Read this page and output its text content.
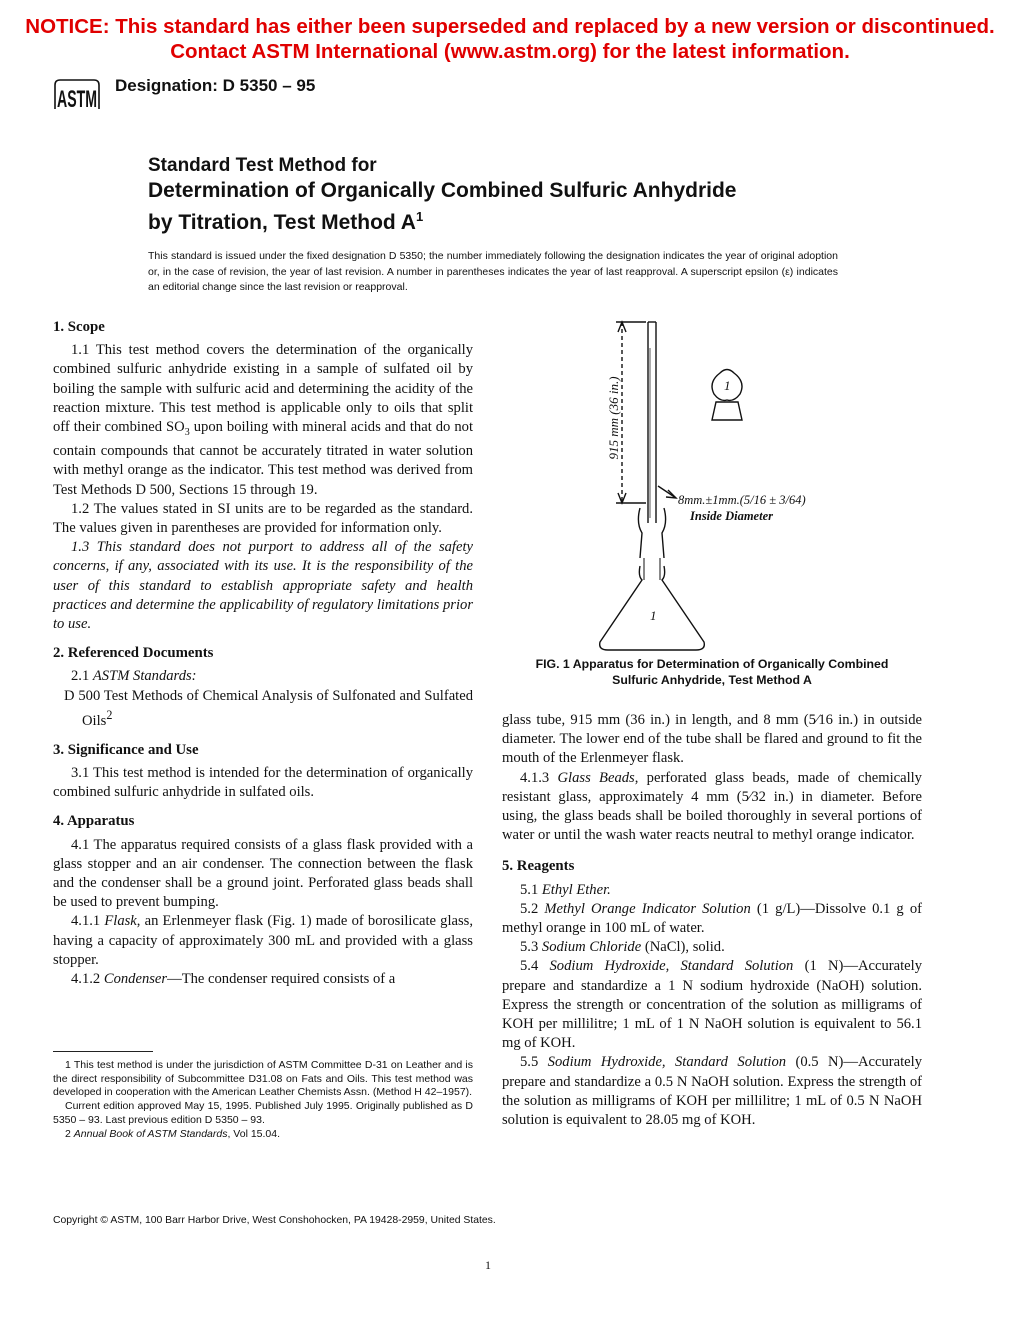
NOTICE: This standard has either been superseded and replaced by a new version or discontinued.
Contact ASTM International (www.astm.org) for the latest information.
ASTM
Designation: D 5350 – 95
Standard Test Method for
Determination of Organically Combined Sulfuric Anhydride
by Titration, Test Method $A^1$
This standard is issued under the fixed designation D 5350; the number immediately following the designation indicates the year of original adoption or, in the case of revision, the year of last revision. A number in parentheses indicates the year of last reapproval. A superscript epsilon (ε) indicates an editorial change since the last revision or reapproval.
1. Scope

1.1 This test method covers the determination of the organically combined sulfuric anhydride existing in a sample of sulfated oil by boiling the sample with sulfuric acid and determining the acidity of the reaction mixture. This test method is applicable only to oils that split off their combined $SO_3$ upon boiling with mineral acids and that do not contain compounds that cannot be accurately titrated in water solution with methyl orange as the indicator. This test method was derived from Test Methods D 500, Sections 15 through 19.

1.2 The values stated in SI units are to be regarded as the standard. The values given in parentheses are provided for information only.

1.3 This standard does not purport to address all of the safety concerns, if any, associated with its use. It is the responsibility of the user of this standard to establish appropriate safety and health practices and determine the applicability of regulatory limitations prior to use.

2. Referenced Documents

2.1 ASTM Standards:

D 500 Test Methods of Chemical Analysis of Sulfonated and Sulfated Oils$^2$

3. Significance and Use

3.1 This test method is intended for the determination of organically combined sulfuric anhydride in sulfated oils.

4. Apparatus

4.1 The apparatus required consists of a glass flask provided with a glass stopper and an air condenser. The connection between the flask and the condenser shall be a ground joint. Perforated glass beads shall be used to prevent bumping.

4.1.1 Flask, an Erlenmeyer flask (Fig. 1) made of borosilicate glass, having a capacity of approximately 300 mL and provided with a glass stopper.

4.1.2 Condenser—The condenser required consists of a

915 mm (36 in.)
8mm.±1mm.(5/16 ± 3/64)
Inside Diameter
1
1
FIG. 1 Apparatus for Determination of Organically Combined
Sulfuric Anhydride, Test Method A

glass tube, 915 mm (36 in.) in length, and 8 mm (5⁄16 in.) in outside diameter. The lower end of the tube shall be flared and ground to fit the mouth of the Erlenmeyer flask.

4.1.3 Glass Beads, perforated glass beads, made of chemically resistant glass, approximately 4 mm (5⁄32 in.) in diameter. Before using, the glass beads shall be boiled thoroughly in several portions of water or until the wash water reacts neutral to methyl orange indicator.

5. Reagents

5.1 Ethyl Ether.

5.2 Methyl Orange Indicator Solution (1 g/L)—Dissolve 0.1 g of methyl orange in 100 mL of water.

5.3 Sodium Chloride (NaCl), solid.

5.4 Sodium Hydroxide, Standard Solution (1 N)—Accurately prepare and standardize a 1 N sodium hydroxide (NaOH) solution. Express the strength or concentration of the solution as milligrams of KOH per millilitre; 1 mL of 1 N NaOH solution is equivalent to 56.1 mg of KOH.

5.5 Sodium Hydroxide, Standard Solution (0.5 N)—Accurately prepare and standardize a 0.5 N NaOH solution. Express the strength of the solution as milligrams of KOH per millilitre; 1 mL of 0.5 N NaOH solution is equivalent to 28.05 mg of KOH.

1 This test method is under the jurisdiction of ASTM Committee D-31 on Leather and is the direct responsibility of Subcommittee D31.08 on Fats and Oils. This test method was developed in cooperation with the American Leather Chemists Assn. (Method H 42–1957).

Current edition approved May 15, 1995. Published July 1995. Originally published as D 5350 – 93. Last previous edition D 5350 – 93.

2 Annual Book of ASTM Standards, Vol 15.04.

Copyright © ASTM, 100 Barr Harbor Drive, West Conshohocken, PA 19428-2959, United States.
1
